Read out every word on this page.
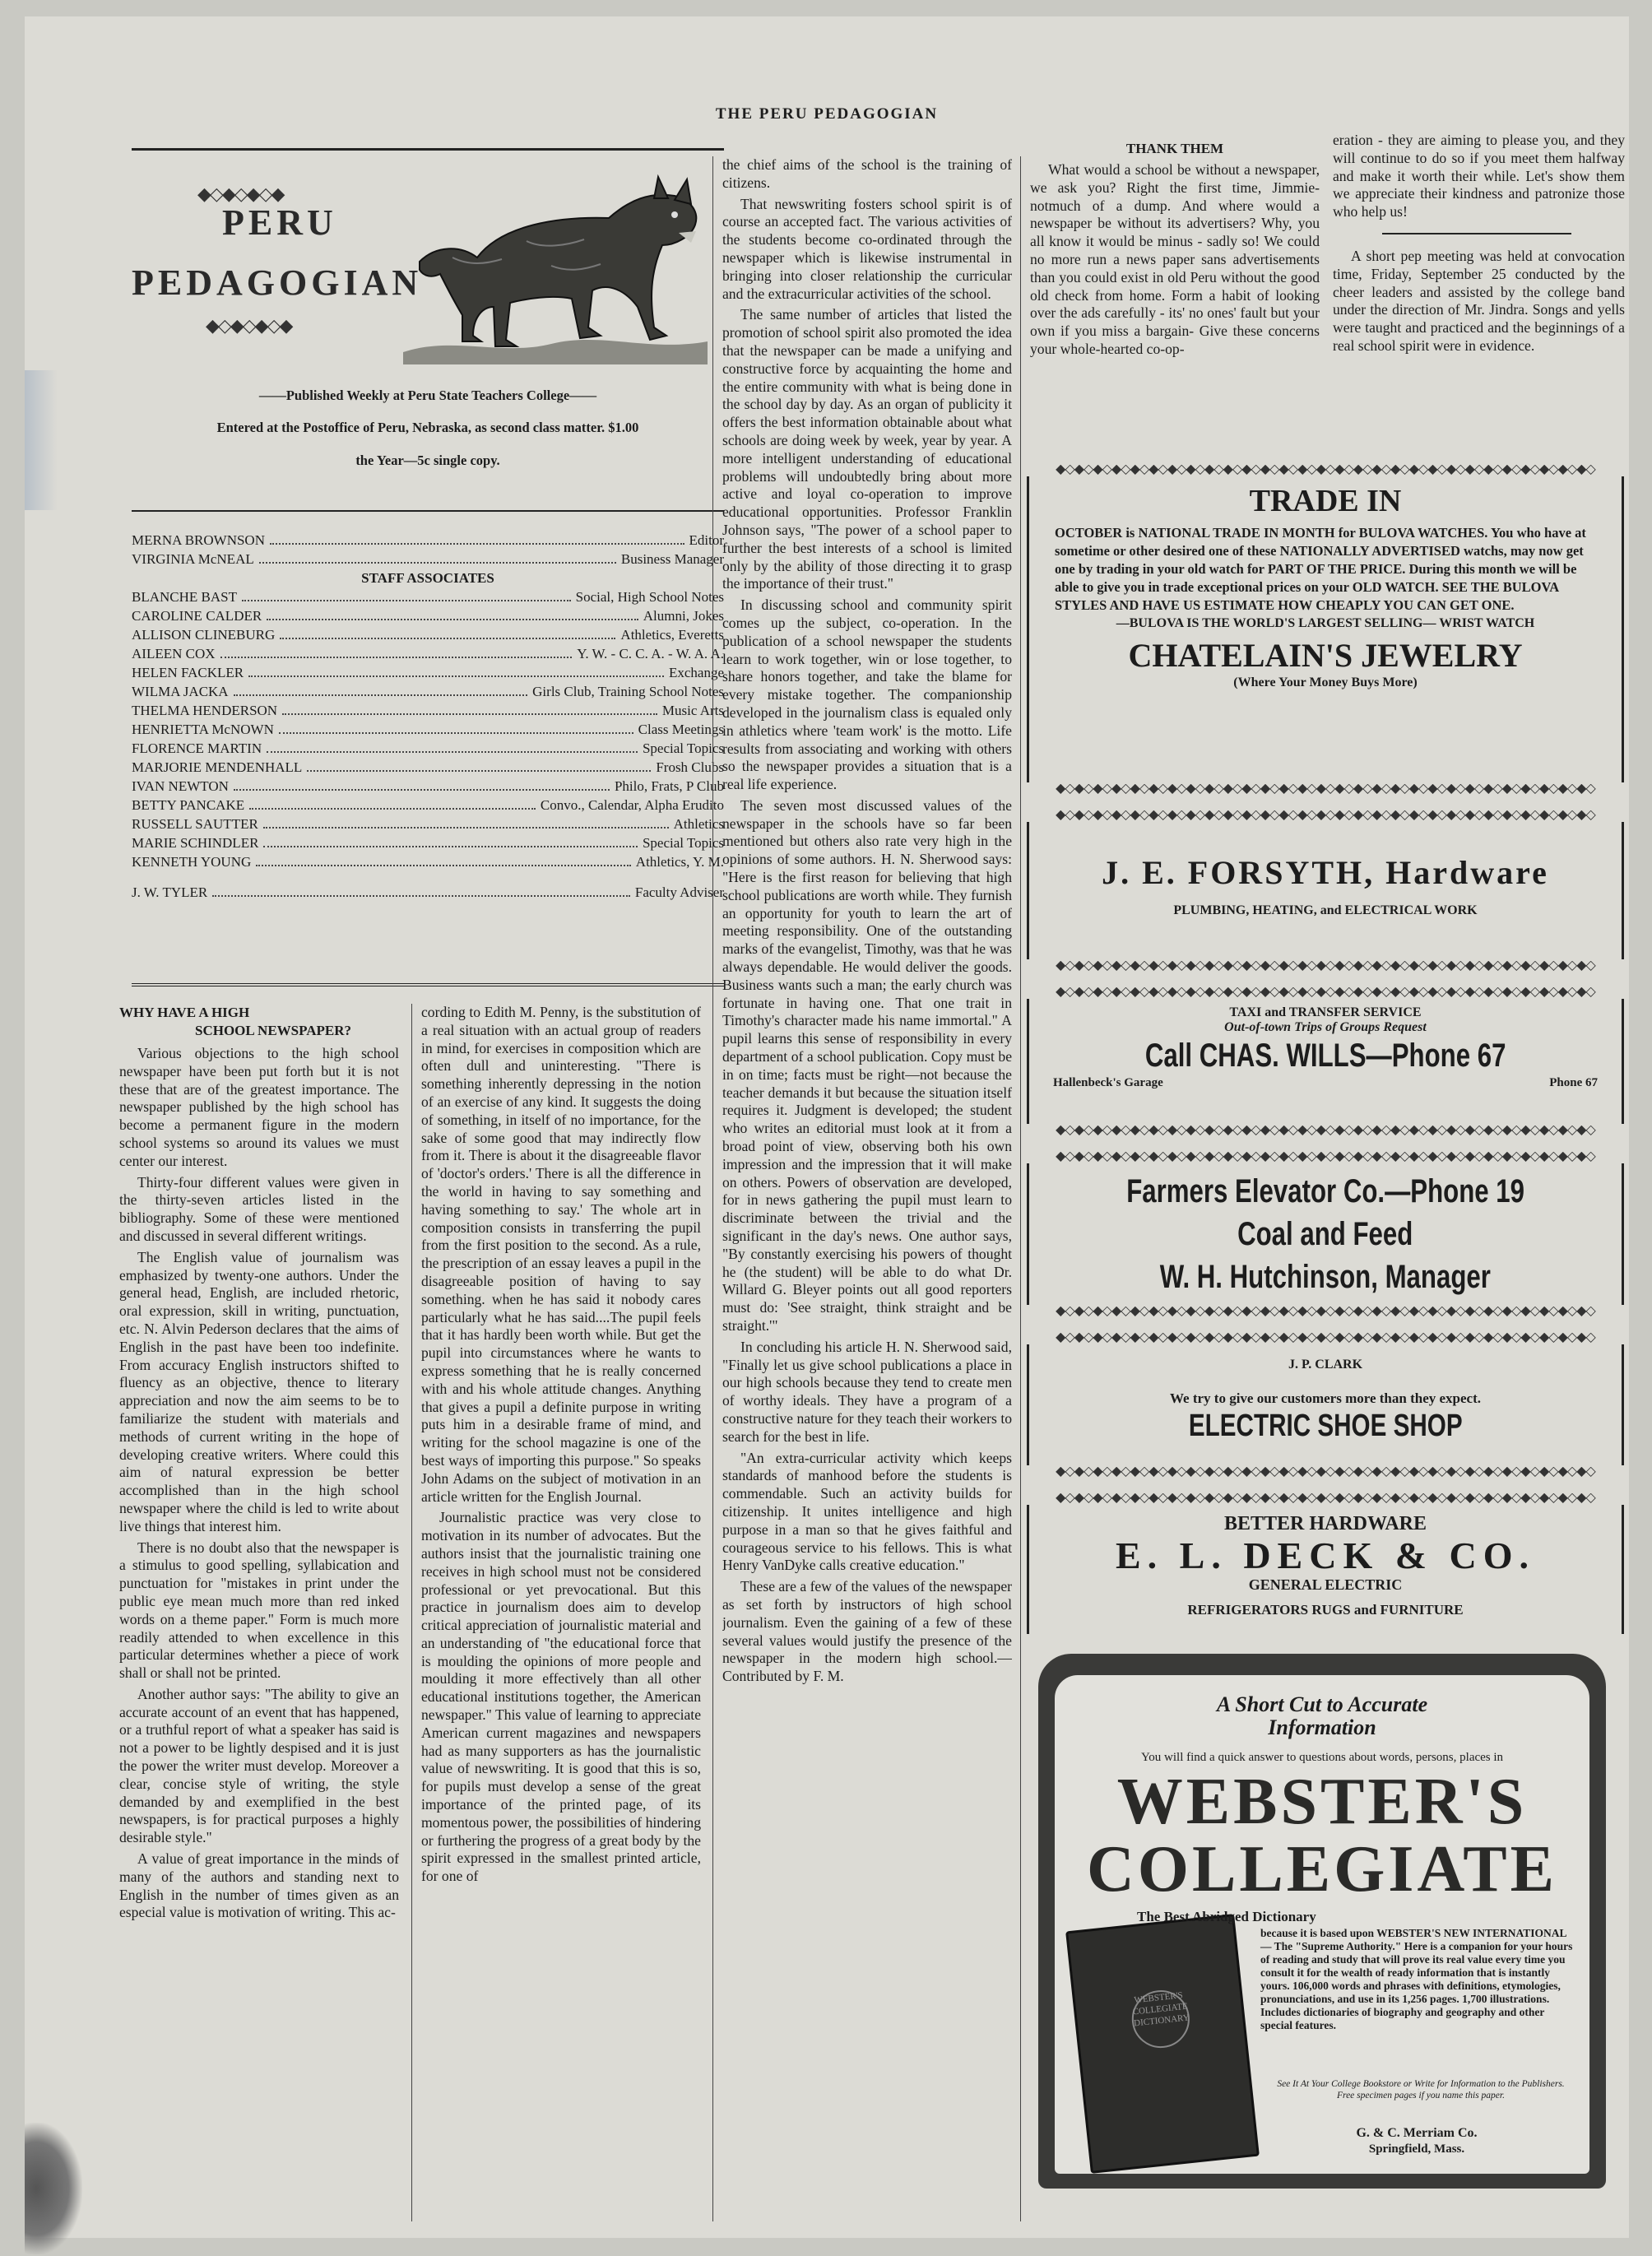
THE PERU PEDAGOGIAN
◆◇◆◇◆◇◆
PERU
PEDAGOGIAN
◆◇◆◇◆◇◆
——Published Weekly at Peru State Teachers College——
Entered at the Postoffice of Peru, Nebraska, as second class matter. $1.00
the Year—5c single copy.
MERNA BROWNSON	Editor
VIRGINIA McNEAL	Business Manager
STAFF ASSOCIATES
BLANCHE BAST	Social, High School Notes
CAROLINE CALDER	Alumni, Jokes
ALLISON CLINEBURG	Athletics, Everetts
AILEEN COX	Y. W. - C. C. A. - W. A. A.
HELEN FACKLER	Exchange
WILMA JACKA	Girls Club, Training School Notes
THELMA HENDERSON	Music Arts
HENRIETTA McNOWN	Class Meetings
FLORENCE MARTIN	Special Topics
MARJORIE MENDENHALL	Frosh Clubs
IVAN NEWTON	Philo, Frats, P Club
BETTY PANCAKE	Convo., Calendar, Alpha Erudito
RUSSELL SAUTTER	Athletics
MARIE SCHINDLER	Special Topics
KENNETH YOUNG	Athletics, Y. M.
J. W. TYLER	Faculty Adviser
WHY HAVE A HIGH
SCHOOL NEWSPAPER?

Various objections to the high school newspaper have been put forth but it is not these that are of the greatest importance. The newspaper published by the high school has become a permanent figure in the modern school systems so around its values we must center our interest.

Thirty-four different values were given in the thirty-seven articles listed in the bibliography. Some of these were mentioned and discussed in several different writings.

The English value of journalism was emphasized by twenty-one authors. Under the general head, English, are included rhetoric, oral expression, skill in writing, punctuation, etc. N. Alvin Pederson declares that the aims of English in the past have been too indefinite. From accuracy English instructors shifted to fluency as an objective, thence to literary appreciation and now the aim seems to be to familiarize the student with materials and methods of current writing in the hope of developing creative writers. Where could this aim of natural expression be better accomplished than in the high school newspaper where the child is led to write about live things that interest him.

There is no doubt also that the newspaper is a stimulus to good spelling, syllabication and punctuation for "mistakes in print under the public eye mean much more than red inked words on a theme paper." Form is much more readily attended to when excellence in this particular determines whether a piece of work shall or shall not be printed.

Another author says: "The ability to give an accurate account of an event that has happened, or a truthful report of what a speaker has said is not a power to be lightly despised and it is just the power the writer must develop. Moreover a clear, concise style of writing, the style demanded by and exemplified in the best newspapers, is for practical purposes a highly desirable style."

A value of great importance in the minds of many of the authors and standing next to English in the number of times given as an especial value is motivation of writing. This ac-

cording to Edith M. Penny, is the substitution of a real situation with an actual group of readers in mind, for exercises in composition which are often dull and uninteresting. "There is something inherently depressing in the notion of an exercise of any kind. It suggests the doing of something, in itself of no importance, for the sake of some good that may indirectly flow from it. There is about it the disagreeable flavor of 'doctor's orders.' There is all the difference in the world in having to say something and having something to say.' The whole art in composition consists in transferring the pupil from the first position to the second. As a rule, the prescription of an essay leaves a pupil in the disagreeable position of having to say something. when he has said it nobody cares particularly what he has said....The pupil feels that it has hardly been worth while. But get the pupil into circumstances where he wants to express something that he is really concerned with and his whole attitude changes. Anything that gives a pupil a definite purpose in writing puts him in a desirable frame of mind, and writing for the school magazine is one of the best ways of importing this purpose." So speaks John Adams on the subject of motivation in an article written for the English Journal.

Journalistic practice was very close to motivation in its number of advocates. But the authors insist that the journalistic training one receives in high school must not be considered professional or yet prevocational. But this practice in journalism does aim to develop critical appreciation of journalistic material and an understanding of "the educational force that is moulding the opinions of more people and moulding it more effectively than all other educational institutions together, the American newspaper." This value of learning to appreciate American current magazines and newspapers had as many supporters as has the journalistic value of newswriting. It is good that this is so, for pupils must develop a sense of the great importance of the printed page, of its momentous power, the possibilities of hindering or furthering the progress of a great body by the spirit expressed in the smallest printed article, for one of

the chief aims of the school is the training of citizens.

That newswriting fosters school spirit is of course an accepted fact. The various activities of the students become co-ordinated through the newspaper which is likewise instrumental in bringing into closer relationship the curricular and the extracurricular activities of the school.

The same number of articles that listed the promotion of school spirit also promoted the idea that the newspaper can be made a unifying and constructive force by acquainting the home and the entire community with what is being done in the school day by day. As an organ of publicity it offers the best information obtainable about what schools are doing week by week, year by year. A more intelligent understanding of educational problems will undoubtedly bring about more active and loyal co-operation to improve educational opportunities. Professor Franklin Johnson says, "The power of a school paper to further the best interests of a school is limited only by the ability of those directing it to grasp the importance of their trust."

In discussing school and community spirit comes up the subject, co-operation. In the publication of a school newspaper the students learn to work together, win or lose together, to share honors together, and take the blame for every mistake together. The companionship developed in the journalism class is equaled only in athletics where 'team work' is the motto. Life results from associating and working with others so the newspaper provides a situation that is a real life experience.

The seven most discussed values of the newspaper in the schools have so far been mentioned but others also rate very high in the opinions of some authors. H. N. Sherwood says: "Here is the first reason for believing that high school publications are worth while. They furnish an opportunity for youth to learn the art of meeting responsibility. One of the outstanding marks of the evangelist, Timothy, was that he was always dependable. He would deliver the goods. Business wants such a man; the early church was fortunate in having one. That one trait in Timothy's character made his name immortal." A pupil learns this sense of responsibility in every department of a school publication. Copy must be in on time; facts must be right—not because the teacher demands it but because the situation itself requires it. Judgment is developed; the student who writes an editorial must look at it from a broad point of view, observing both his own impression and the impression that it will make on others. Powers of observation are developed, for in news gathering the pupil must learn to discriminate between the trivial and the significant in the day's news. One author says, "By constantly exercising his powers of thought he (the student) will be able to do what Dr. Willard G. Bleyer points out all good reporters must do: 'See straight, think straight and be straight.'"

In concluding his article H. N. Sherwood said, "Finally let us give school publications a place in our high schools because they tend to create men of worthy ideals. They have a program of a constructive nature for they teach their workers to search for the best in life.

"An extra-curricular activity which keeps standards of manhood before the students is commendable. Such an activity builds for citizenship. It unites intelligence and high purpose in a man so that he gives faithful and courageous service to his fellows. This is what Henry VanDyke calls creative education."

These are a few of the values of the newspaper as set forth by instructors of high school journalism. Even the gaining of a few of these several values would justify the presence of the newspaper in the modern high school.—Contributed by F. M.

THANK THEM

What would a school be without a newspaper, we ask you? Right the first time, Jimmie-notmuch of a dump. And where would a newspaper be without its advertisers? Why, you all know it would be minus - sadly so! We could no more run a news paper sans advertisements than you could exist in old Peru without the good old check from home. Form a habit of looking over the ads carefully - its' no ones' fault but your own if you miss a bargain- Give these concerns your whole-hearted co-op-

eration - they are aiming to please you, and they will continue to do so if you meet them halfway and make it worth their while. Let's show them we appreciate their kindness and patronize those who help us!

A short pep meeting was held at convocation time, Friday, September 25 conducted by the cheer leaders and assisted by the college band under the direction of Mr. Jindra. Songs and yells were taught and practiced and the beginnings of a real school spirit were in evidence.

◆◇◆◇◆◇◆◇◆◇◆◇◆◇◆◇◆◇◆◇◆◇◆◇◆◇◆◇◆◇◆◇◆◇◆◇◆◇◆◇◆◇◆◇◆◇◆◇◆◇◆◇◆◇◆◇◆◇
TRADE IN
OCTOBER is NATIONAL TRADE IN MONTH for BULOVA WATCHES. You who have at sometime or other desired one of these NATIONALLY ADVERTISED watchs, may now get one by trading in your old watch for PART OF THE PRICE. During this month we will be able to give you in trade exceptional prices on your OLD WATCH. SEE THE BULOVA STYLES AND HAVE US ESTIMATE HOW CHEAPLY YOU CAN GET ONE.
—BULOVA IS THE WORLD'S LARGEST SELLING— WRIST WATCH
CHATELAIN'S JEWELRY
(Where Your Money Buys More)
◆◇◆◇◆◇◆◇◆◇◆◇◆◇◆◇◆◇◆◇◆◇◆◇◆◇◆◇◆◇◆◇◆◇◆◇◆◇◆◇◆◇◆◇◆◇◆◇◆◇◆◇◆◇◆◇◆◇
◆◇◆◇◆◇◆◇◆◇◆◇◆◇◆◇◆◇◆◇◆◇◆◇◆◇◆◇◆◇◆◇◆◇◆◇◆◇◆◇◆◇◆◇◆◇◆◇◆◇◆◇◆◇◆◇◆◇
J. E. FORSYTH, Hardware
PLUMBING, HEATING, and ELECTRICAL WORK
◆◇◆◇◆◇◆◇◆◇◆◇◆◇◆◇◆◇◆◇◆◇◆◇◆◇◆◇◆◇◆◇◆◇◆◇◆◇◆◇◆◇◆◇◆◇◆◇◆◇◆◇◆◇◆◇◆◇
◆◇◆◇◆◇◆◇◆◇◆◇◆◇◆◇◆◇◆◇◆◇◆◇◆◇◆◇◆◇◆◇◆◇◆◇◆◇◆◇◆◇◆◇◆◇◆◇◆◇◆◇◆◇◆◇◆◇
TAXI and TRANSFER SERVICE
Out-of-town Trips of Groups Request
Call CHAS. WILLS—Phone 67
Hallenbeck's Garage	Phone 67
◆◇◆◇◆◇◆◇◆◇◆◇◆◇◆◇◆◇◆◇◆◇◆◇◆◇◆◇◆◇◆◇◆◇◆◇◆◇◆◇◆◇◆◇◆◇◆◇◆◇◆◇◆◇◆◇◆◇
◆◇◆◇◆◇◆◇◆◇◆◇◆◇◆◇◆◇◆◇◆◇◆◇◆◇◆◇◆◇◆◇◆◇◆◇◆◇◆◇◆◇◆◇◆◇◆◇◆◇◆◇◆◇◆◇◆◇
Farmers Elevator Co.—Phone 19
Coal and Feed
W. H. Hutchinson, Manager
◆◇◆◇◆◇◆◇◆◇◆◇◆◇◆◇◆◇◆◇◆◇◆◇◆◇◆◇◆◇◆◇◆◇◆◇◆◇◆◇◆◇◆◇◆◇◆◇◆◇◆◇◆◇◆◇◆◇
◆◇◆◇◆◇◆◇◆◇◆◇◆◇◆◇◆◇◆◇◆◇◆◇◆◇◆◇◆◇◆◇◆◇◆◇◆◇◆◇◆◇◆◇◆◇◆◇◆◇◆◇◆◇◆◇◆◇
J. P. CLARK
We try to give our customers more than they expect.
ELECTRIC SHOE SHOP
◆◇◆◇◆◇◆◇◆◇◆◇◆◇◆◇◆◇◆◇◆◇◆◇◆◇◆◇◆◇◆◇◆◇◆◇◆◇◆◇◆◇◆◇◆◇◆◇◆◇◆◇◆◇◆◇◆◇
◆◇◆◇◆◇◆◇◆◇◆◇◆◇◆◇◆◇◆◇◆◇◆◇◆◇◆◇◆◇◆◇◆◇◆◇◆◇◆◇◆◇◆◇◆◇◆◇◆◇◆◇◆◇◆◇◆◇
BETTER HARDWARE
E. L. DECK & CO.
GENERAL ELECTRIC
REFRIGERATORS RUGS and FURNITURE
A Short Cut to Accurate Information
You will find a quick answer to questions about words, persons, places in
WEBSTER'S
COLLEGIATE
WEBSTER'S COLLEGIATE DICTIONARY
The Best Abridged Dictionary
because it is based upon WEBSTER'S NEW INTERNATIONAL— The "Supreme Authority." Here is a companion for your hours of reading and study that will prove its real value every time you consult it for the wealth of ready information that is instantly yours. 106,000 words and phrases with definitions, etymologies, pronunciations, and use in its 1,256 pages. 1,700 illustrations. Includes dictionaries of biography and geography and other special features.
See It At Your College Bookstore or Write for Information to the Publishers. Free specimen pages if you name this paper.
G. & C. Merriam Co.
Springfield, Mass.
